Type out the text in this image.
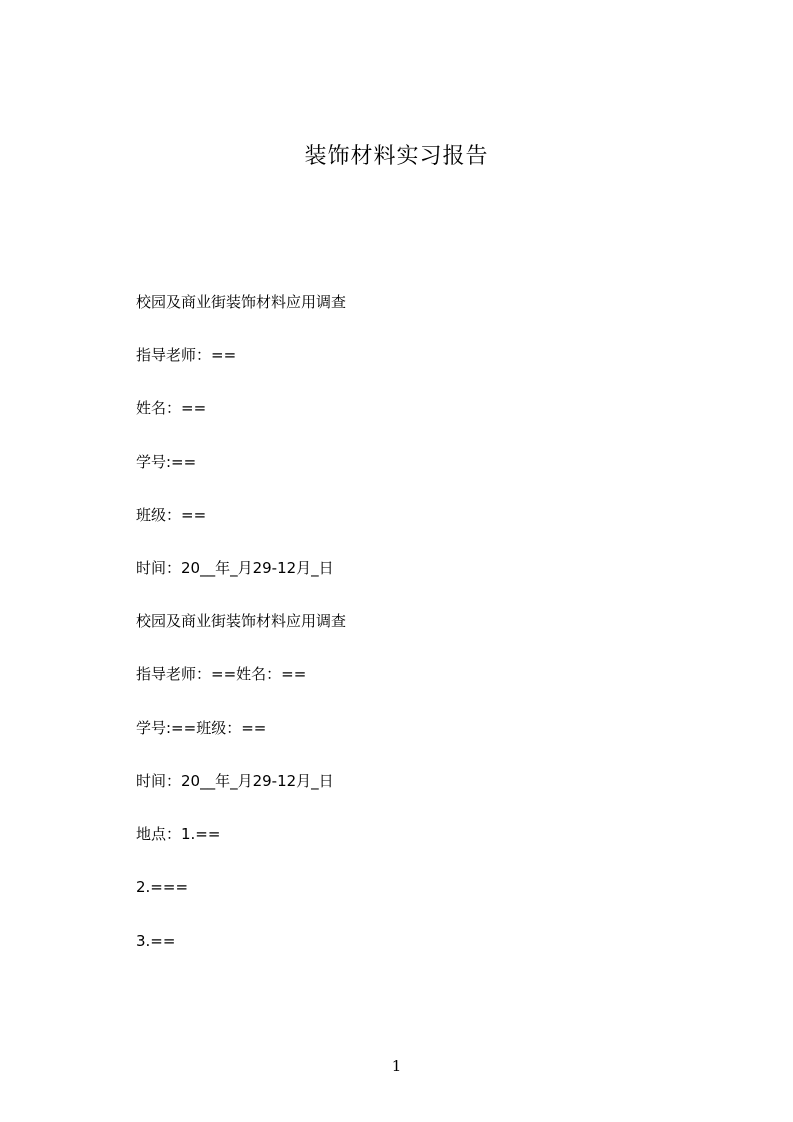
装饰材料实习报告
校园及商业街装饰材料应用调查
指导老师：==
姓名：==
学号:==
班级：==
时间：20__年_月29-12月_日
校园及商业街装饰材料应用调查
指导老师：==姓名：==
学号:==班级：==
时间：20__年_月29-12月_日
地点：1.==
2.===
3.==
1
